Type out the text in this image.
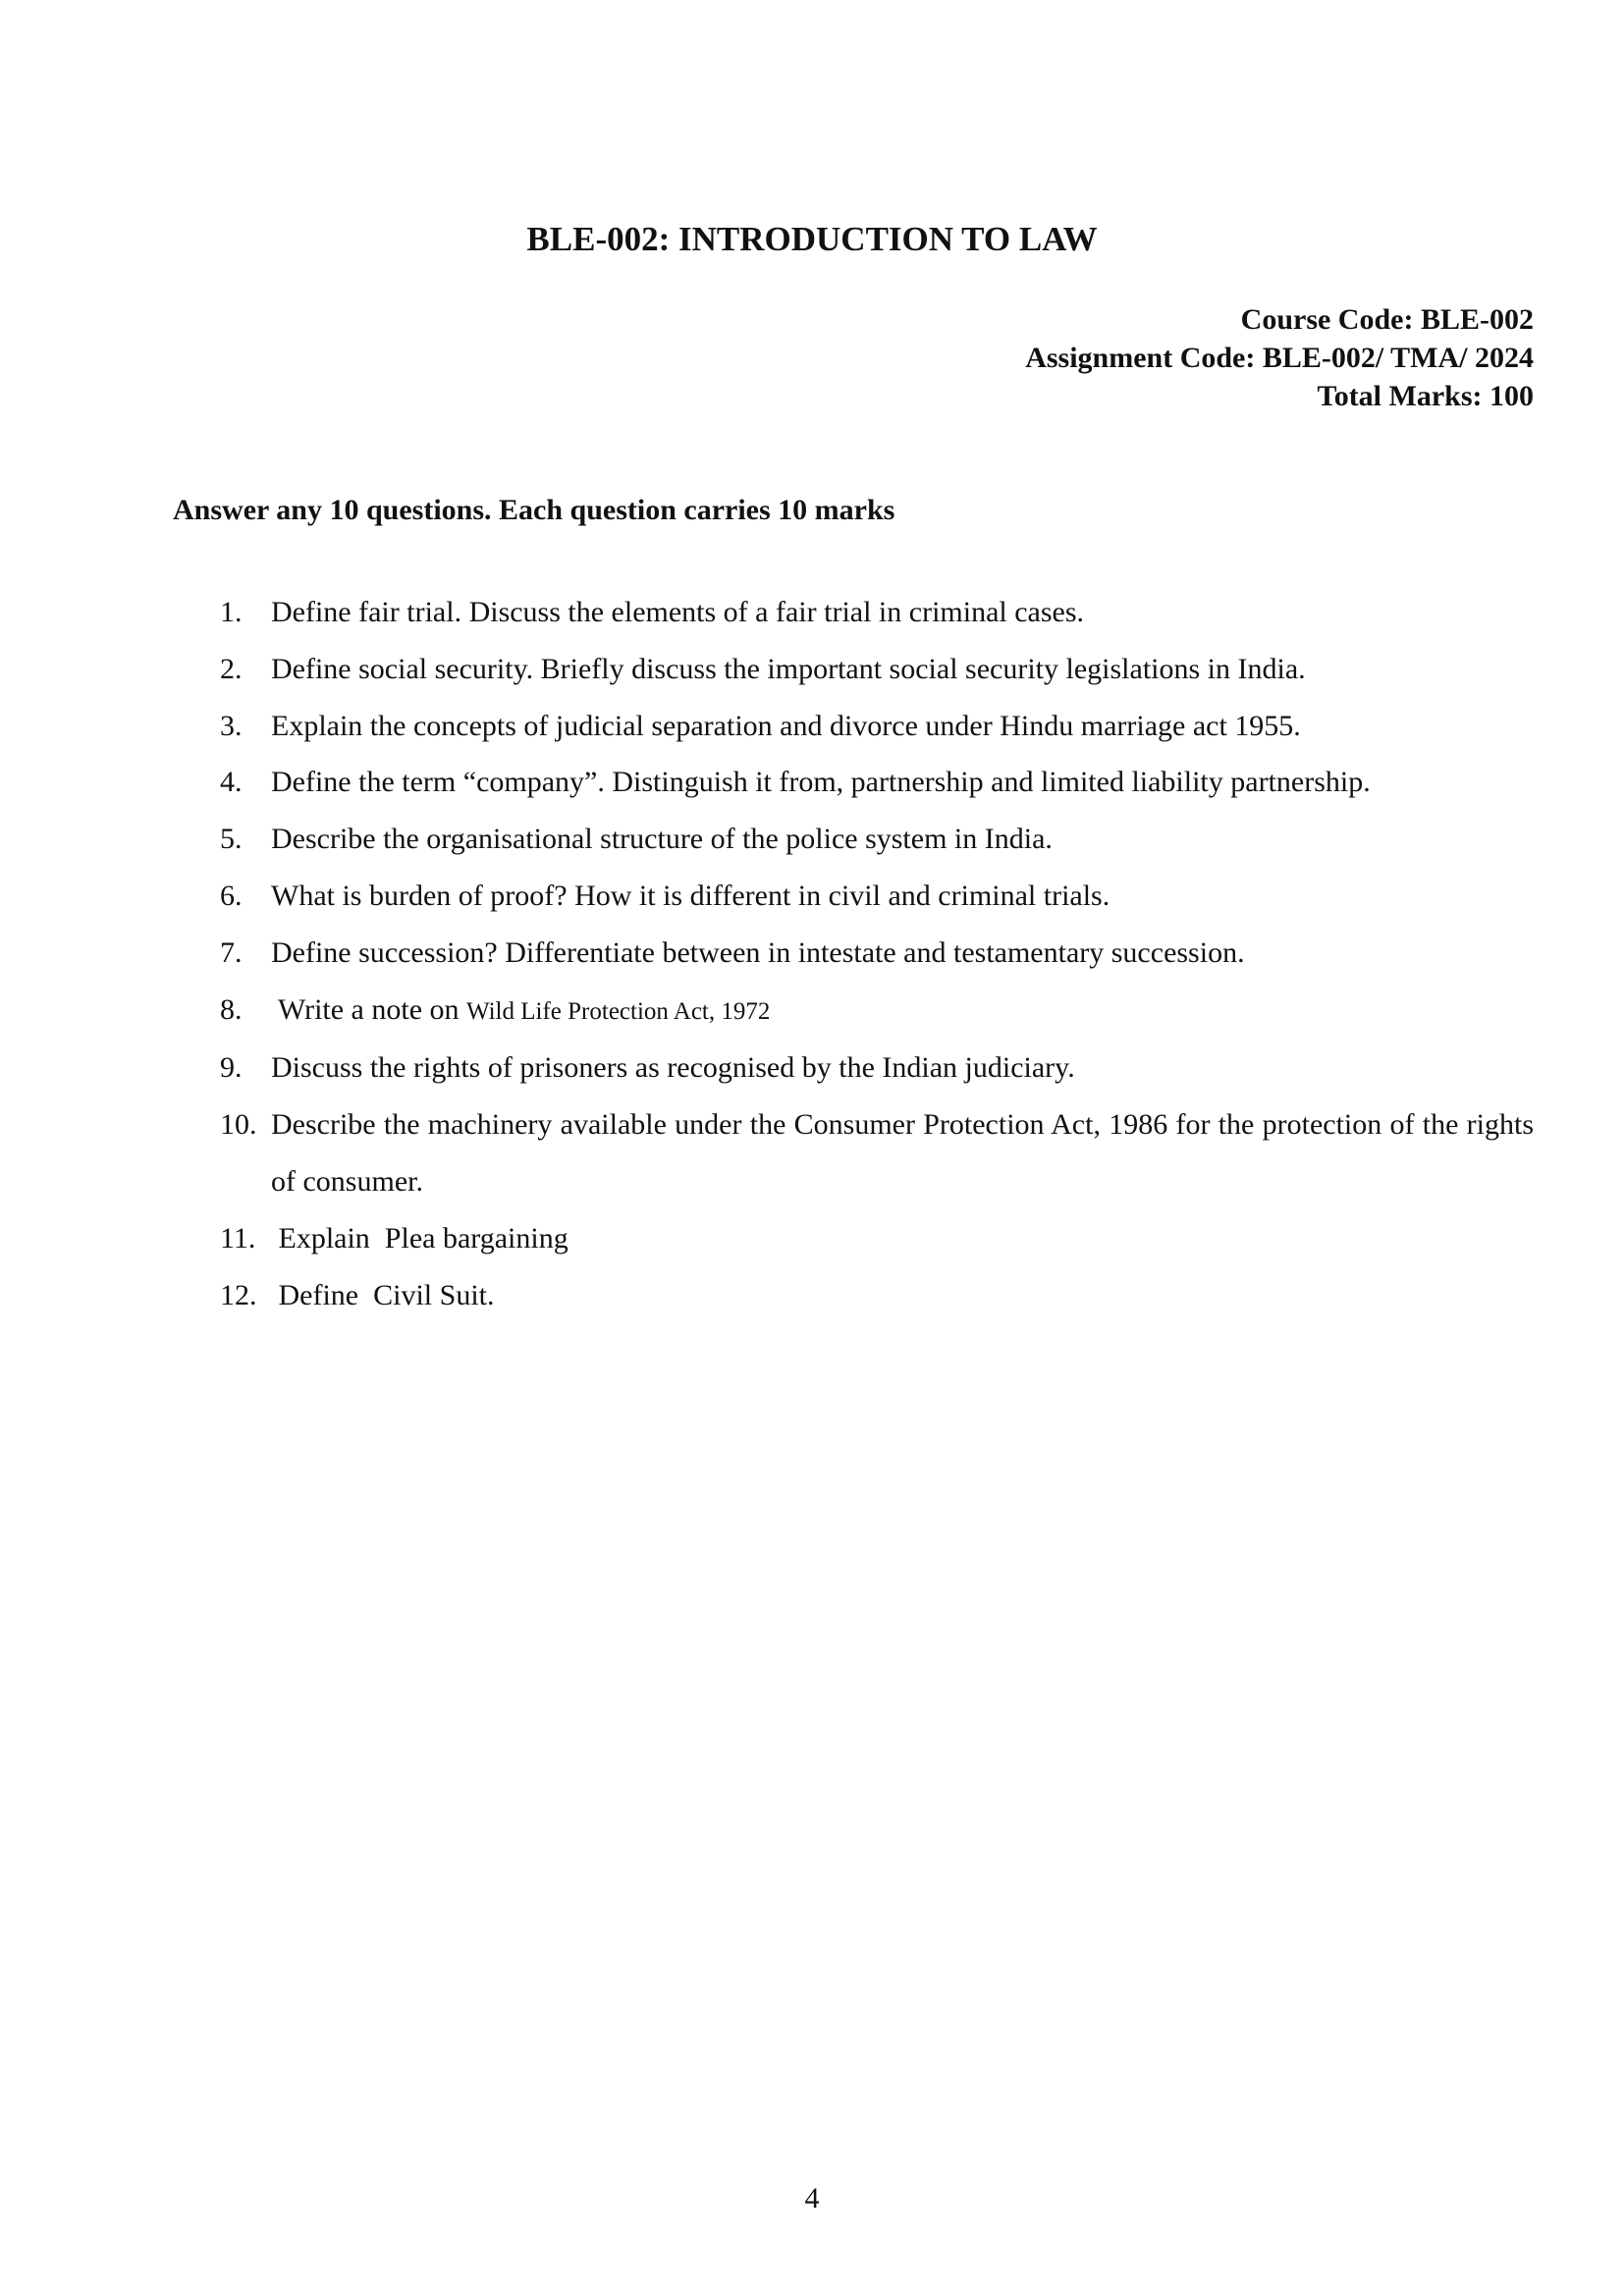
BLE-002: INTRODUCTION TO LAW
Course Code: BLE-002
Assignment Code: BLE-002/ TMA/ 2024
Total Marks: 100

Answer any 10 questions. Each question carries 10 marks

1. Define fair trial. Discuss the elements of a fair trial in criminal cases.
2. Define social security. Briefly discuss the important social security legislations in India.
3. Explain the concepts of judicial separation and divorce under Hindu marriage act 1955.
4. Define the term “company”. Distinguish it from, partnership and limited liability partnership.
5. Describe the organisational structure of the police system in India.
6. What is burden of proof? How it is different in civil and criminal trials.
7. Define succession? Differentiate between in intestate and testamentary succession.
8. Write a note on Wild Life Protection Act, 1972
9. Discuss the rights of prisoners as recognised by the Indian judiciary.
10. Describe the machinery available under the Consumer Protection Act, 1986 for the protection of the rights of consumer.
11. Explain  Plea bargaining
12. Define  Civil Suit.
4
